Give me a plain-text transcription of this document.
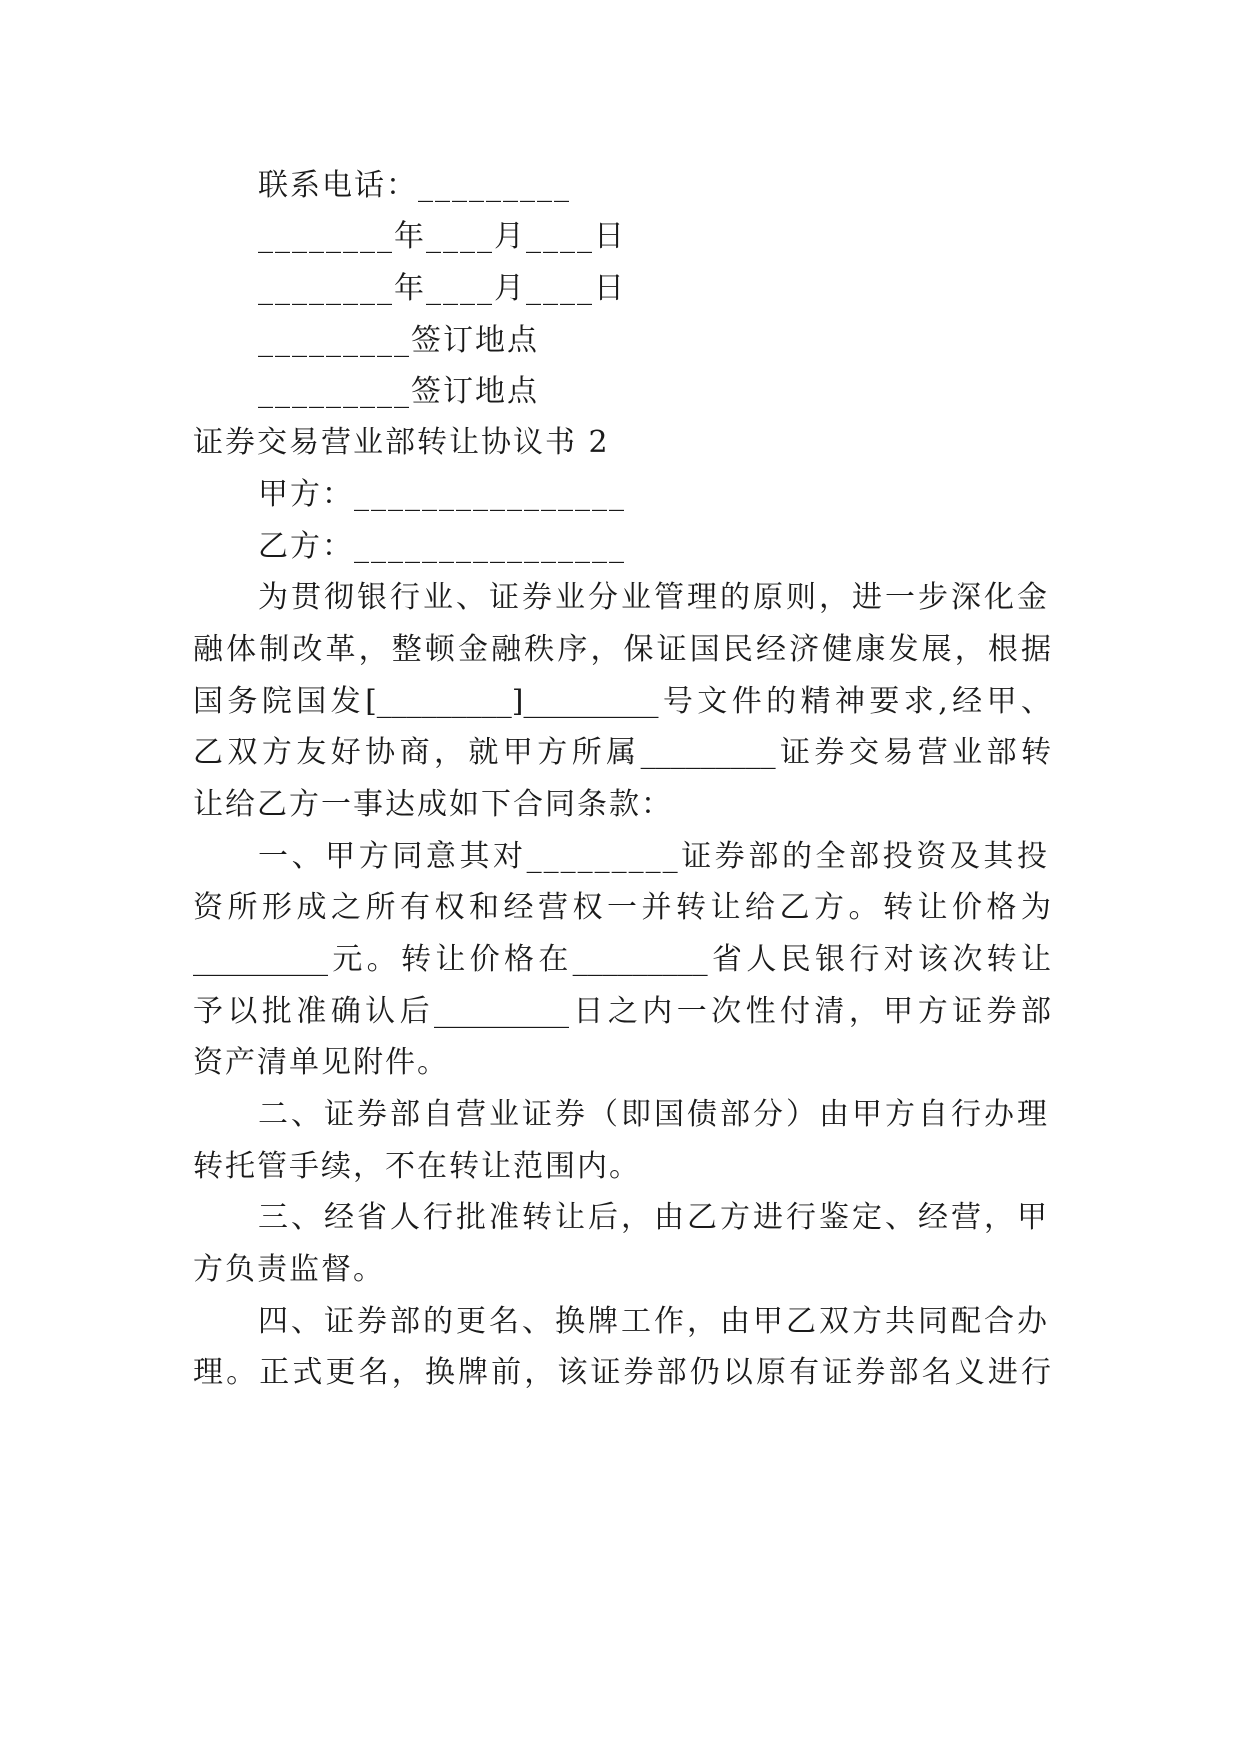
联系电话：_________
________年____月____日
________年____月____日
_________签订地点
_________签订地点
证券交易营业部转让协议书 2
甲方：________________
乙方：________________
为贯彻银行业、证券业分业管理的原则，进一步深化金
融体制改革，整顿金融秩序，保证国民经济健康发展，根据
国务院国发[_________]_________号文件的精神要求,经甲、
乙双方友好协商，就甲方所属_________证券交易营业部转
让给乙方一事达成如下合同条款：
一、甲方同意其对_________证券部的全部投资及其投
资所形成之所有权和经营权一并转让给乙方。转让价格为
_________元。转让价格在_________省人民银行对该次转让
予以批准确认后_________日之内一次性付清，甲方证券部
资产清单见附件。
二、证券部自营业证券（即国债部分）由甲方自行办理
转托管手续，不在转让范围内。
三、经省人行批准转让后，由乙方进行鉴定、经营，甲
方负责监督。
四、证券部的更名、换牌工作，由甲乙双方共同配合办
理。正式更名，换牌前，该证券部仍以原有证券部名义进行
